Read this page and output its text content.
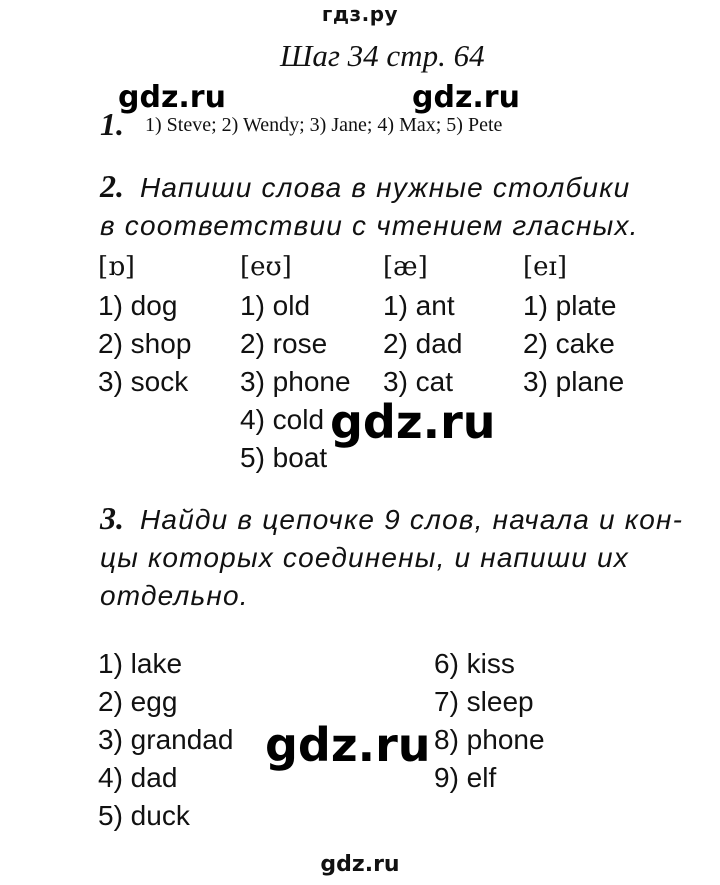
гдз.ру
Шаг 34 стр. 64
gdz.ru	gdz.ru
1. 1) Steve; 2) Wendy; 3) Jane; 4) Max; 5) Pete
2. Напиши слова в нужные столбики
в соответствии с чтением гласных.
[ɒ]
1) dog
2) shop
3) sock
[eʊ]
1) old
2) rose
3) phone
4) cold
5) boat
[æ]
1) ant
2) dad
3) cat
[eɪ]
1) plate
2) cake
3) plane
gdz.ru
3. Найди в цепочке 9 слов, начала и кон-
цы которых соединены, и напиши их
отдельно.
1) lake
2) egg
3) grandad
4) dad
5) duck
6) kiss
7) sleep
8) phone
9) elf
gdz.ru
gdz.ru
